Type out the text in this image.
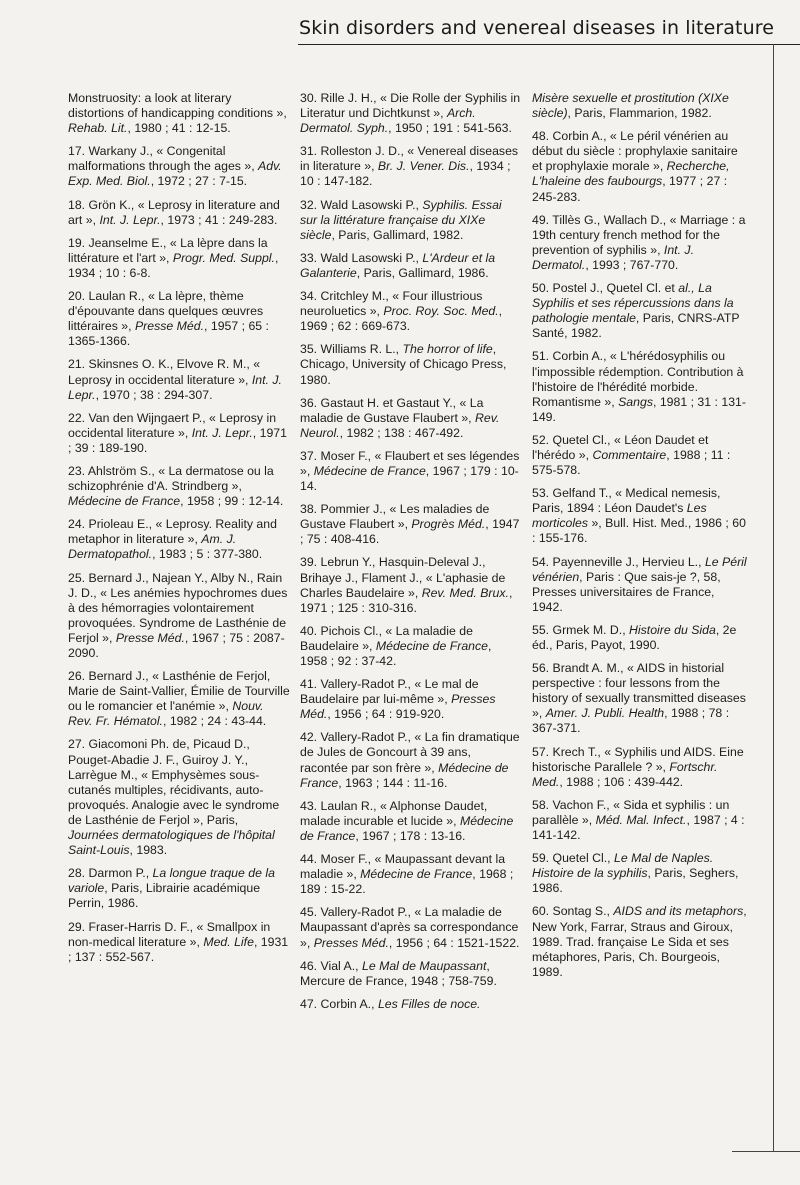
Skin disorders and venereal diseases in literature

Monstruosity: a look at literary distortions of handicapping conditions », Rehab. Lit., 1980 ; 41 : 12-15.

17. Warkany J., « Congenital malformations through the ages », Adv. Exp. Med. Biol., 1972 ; 27 : 7-15.

18. Grön K., « Leprosy in literature and art », Int. J. Lepr., 1973 ; 41 : 249-283.

19. Jeanselme E., « La lèpre dans la littérature et l'art », Progr. Med. Suppl., 1934 ; 10 : 6-8.

20. Laulan R., « La lèpre, thème d'épouvante dans quelques œuvres littéraires », Presse Méd., 1957 ; 65 : 1365-1366.

21. Skinsnes O. K., Elvove R. M., « Leprosy in occidental literature », Int. J. Lepr., 1970 ; 38 : 294-307.

22. Van den Wijngaert P., « Leprosy in occidental literature », Int. J. Lepr., 1971 ; 39 : 189-190.

23. Ahlström S., « La dermatose ou la schizophrénie d'A. Strindberg », Médecine de France, 1958 ; 99 : 12-14.

24. Prioleau E., « Leprosy. Reality and metaphor in literature », Am. J. Dermatopathol., 1983 ; 5 : 377-380.

25. Bernard J., Najean Y., Alby N., Rain J. D., « Les anémies hypochromes dues à des hémorragies volontairement provoquées. Syndrome de Lasthénie de Ferjol », Presse Méd., 1967 ; 75 : 2087-2090.

26. Bernard J., « Lasthénie de Ferjol, Marie de Saint-Vallier, Émilie de Tourville ou le romancier et l'anémie », Nouv. Rev. Fr. Hématol., 1982 ; 24 : 43-44.

27. Giacomoni Ph. de, Picaud D., Pouget-Abadie J. F., Guiroy J. Y., Larrègue M., « Emphysèmes sous-cutanés multiples, récidivants, auto-provoqués. Analogie avec le syndrome de Lasthénie de Ferjol », Paris, Journées dermatologiques de l'hôpital Saint-Louis, 1983.

28. Darmon P., La longue traque de la variole, Paris, Librairie académique Perrin, 1986.

29. Fraser-Harris D. F., « Smallpox in non-medical literature », Med. Life, 1931 ; 137 : 552-567.

30. Rille J. H., « Die Rolle der Syphilis in Literatur und Dichtkunst », Arch. Dermatol. Syph., 1950 ; 191 : 541-563.

31. Rolleston J. D., « Venereal diseases in literature », Br. J. Vener. Dis., 1934 ; 10 : 147-182.

32. Wald Lasowski P., Syphilis. Essai sur la littérature française du XIXe siècle, Paris, Gallimard, 1982.

33. Wald Lasowski P., L'Ardeur et la Galanterie, Paris, Gallimard, 1986.

34. Critchley M., « Four illustrious neuroluetics », Proc. Roy. Soc. Med., 1969 ; 62 : 669-673.

35. Williams R. L., The horror of life, Chicago, University of Chicago Press, 1980.

36. Gastaut H. et Gastaut Y., « La maladie de Gustave Flaubert », Rev. Neurol., 1982 ; 138 : 467-492.

37. Moser F., « Flaubert et ses légendes », Médecine de France, 1967 ; 179 : 10-14.

38. Pommier J., « Les maladies de Gustave Flaubert », Progrès Méd., 1947 ; 75 : 408-416.

39. Lebrun Y., Hasquin-Deleval J., Brihaye J., Flament J., « L'aphasie de Charles Baudelaire », Rev. Med. Brux., 1971 ; 125 : 310-316.

40. Pichois Cl., « La maladie de Baudelaire », Médecine de France, 1958 ; 92 : 37-42.

41. Vallery-Radot P., « Le mal de Baudelaire par lui-même », Presses Méd., 1956 ; 64 : 919-920.

42. Vallery-Radot P., « La fin dramatique de Jules de Goncourt à 39 ans, racontée par son frère », Médecine de France, 1963 ; 144 : 11-16.

43. Laulan R., « Alphonse Daudet, malade incurable et lucide », Médecine de France, 1967 ; 178 : 13-16.

44. Moser F., « Maupassant devant la maladie », Médecine de France, 1968 ; 189 : 15-22.

45. Vallery-Radot P., « La maladie de Maupassant d'après sa correspondance », Presses Méd., 1956 ; 64 : 1521-1522.

46. Vial A., Le Mal de Maupassant, Mercure de France, 1948 ; 758-759.

47. Corbin A., Les Filles de noce.

Misère sexuelle et prostitution (XIXe siècle), Paris, Flammarion, 1982.

48. Corbin A., « Le péril vénérien au début du siècle : prophylaxie sanitaire et prophylaxie morale », Recherche, L'haleine des faubourgs, 1977 ; 27 : 245-283.

49. Tillès G., Wallach D., « Marriage : a 19th century french method for the prevention of syphilis », Int. J. Dermatol., 1993 ; 767-770.

50. Postel J., Quetel Cl. et al., La Syphilis et ses répercussions dans la pathologie mentale, Paris, CNRS-ATP Santé, 1982.

51. Corbin A., « L'hérédosyphilis ou l'impossible rédemption. Contribution à l'histoire de l'hérédité morbide. Romantisme », Sangs, 1981 ; 31 : 131-149.

52. Quetel Cl., « Léon Daudet et l'hérédo », Commentaire, 1988 ; 11 : 575-578.

53. Gelfand T., « Medical nemesis, Paris, 1894 : Léon Daudet's Les morticoles », Bull. Hist. Med., 1986 ; 60 : 155-176.

54. Payenneville J., Hervieu L., Le Péril vénérien, Paris : Que sais-je ?, 58, Presses universitaires de France, 1942.

55. Grmek M. D., Histoire du Sida, 2e éd., Paris, Payot, 1990.

56. Brandt A. M., « AIDS in historial perspective : four lessons from the history of sexually transmitted diseases », Amer. J. Publi. Health, 1988 ; 78 : 367-371.

57. Krech T., « Syphilis und AIDS. Eine historische Parallele ? », Fortschr. Med., 1988 ; 106 : 439-442.

58. Vachon F., « Sida et syphilis : un parallèle », Méd. Mal. Infect., 1987 ; 4 : 141-142.

59. Quetel Cl., Le Mal de Naples. Histoire de la syphilis, Paris, Seghers, 1986.

60. Sontag S., AIDS and its metaphors, New York, Farrar, Straus and Giroux, 1989. Trad. française Le Sida et ses métaphores, Paris, Ch. Bourgeois, 1989.
